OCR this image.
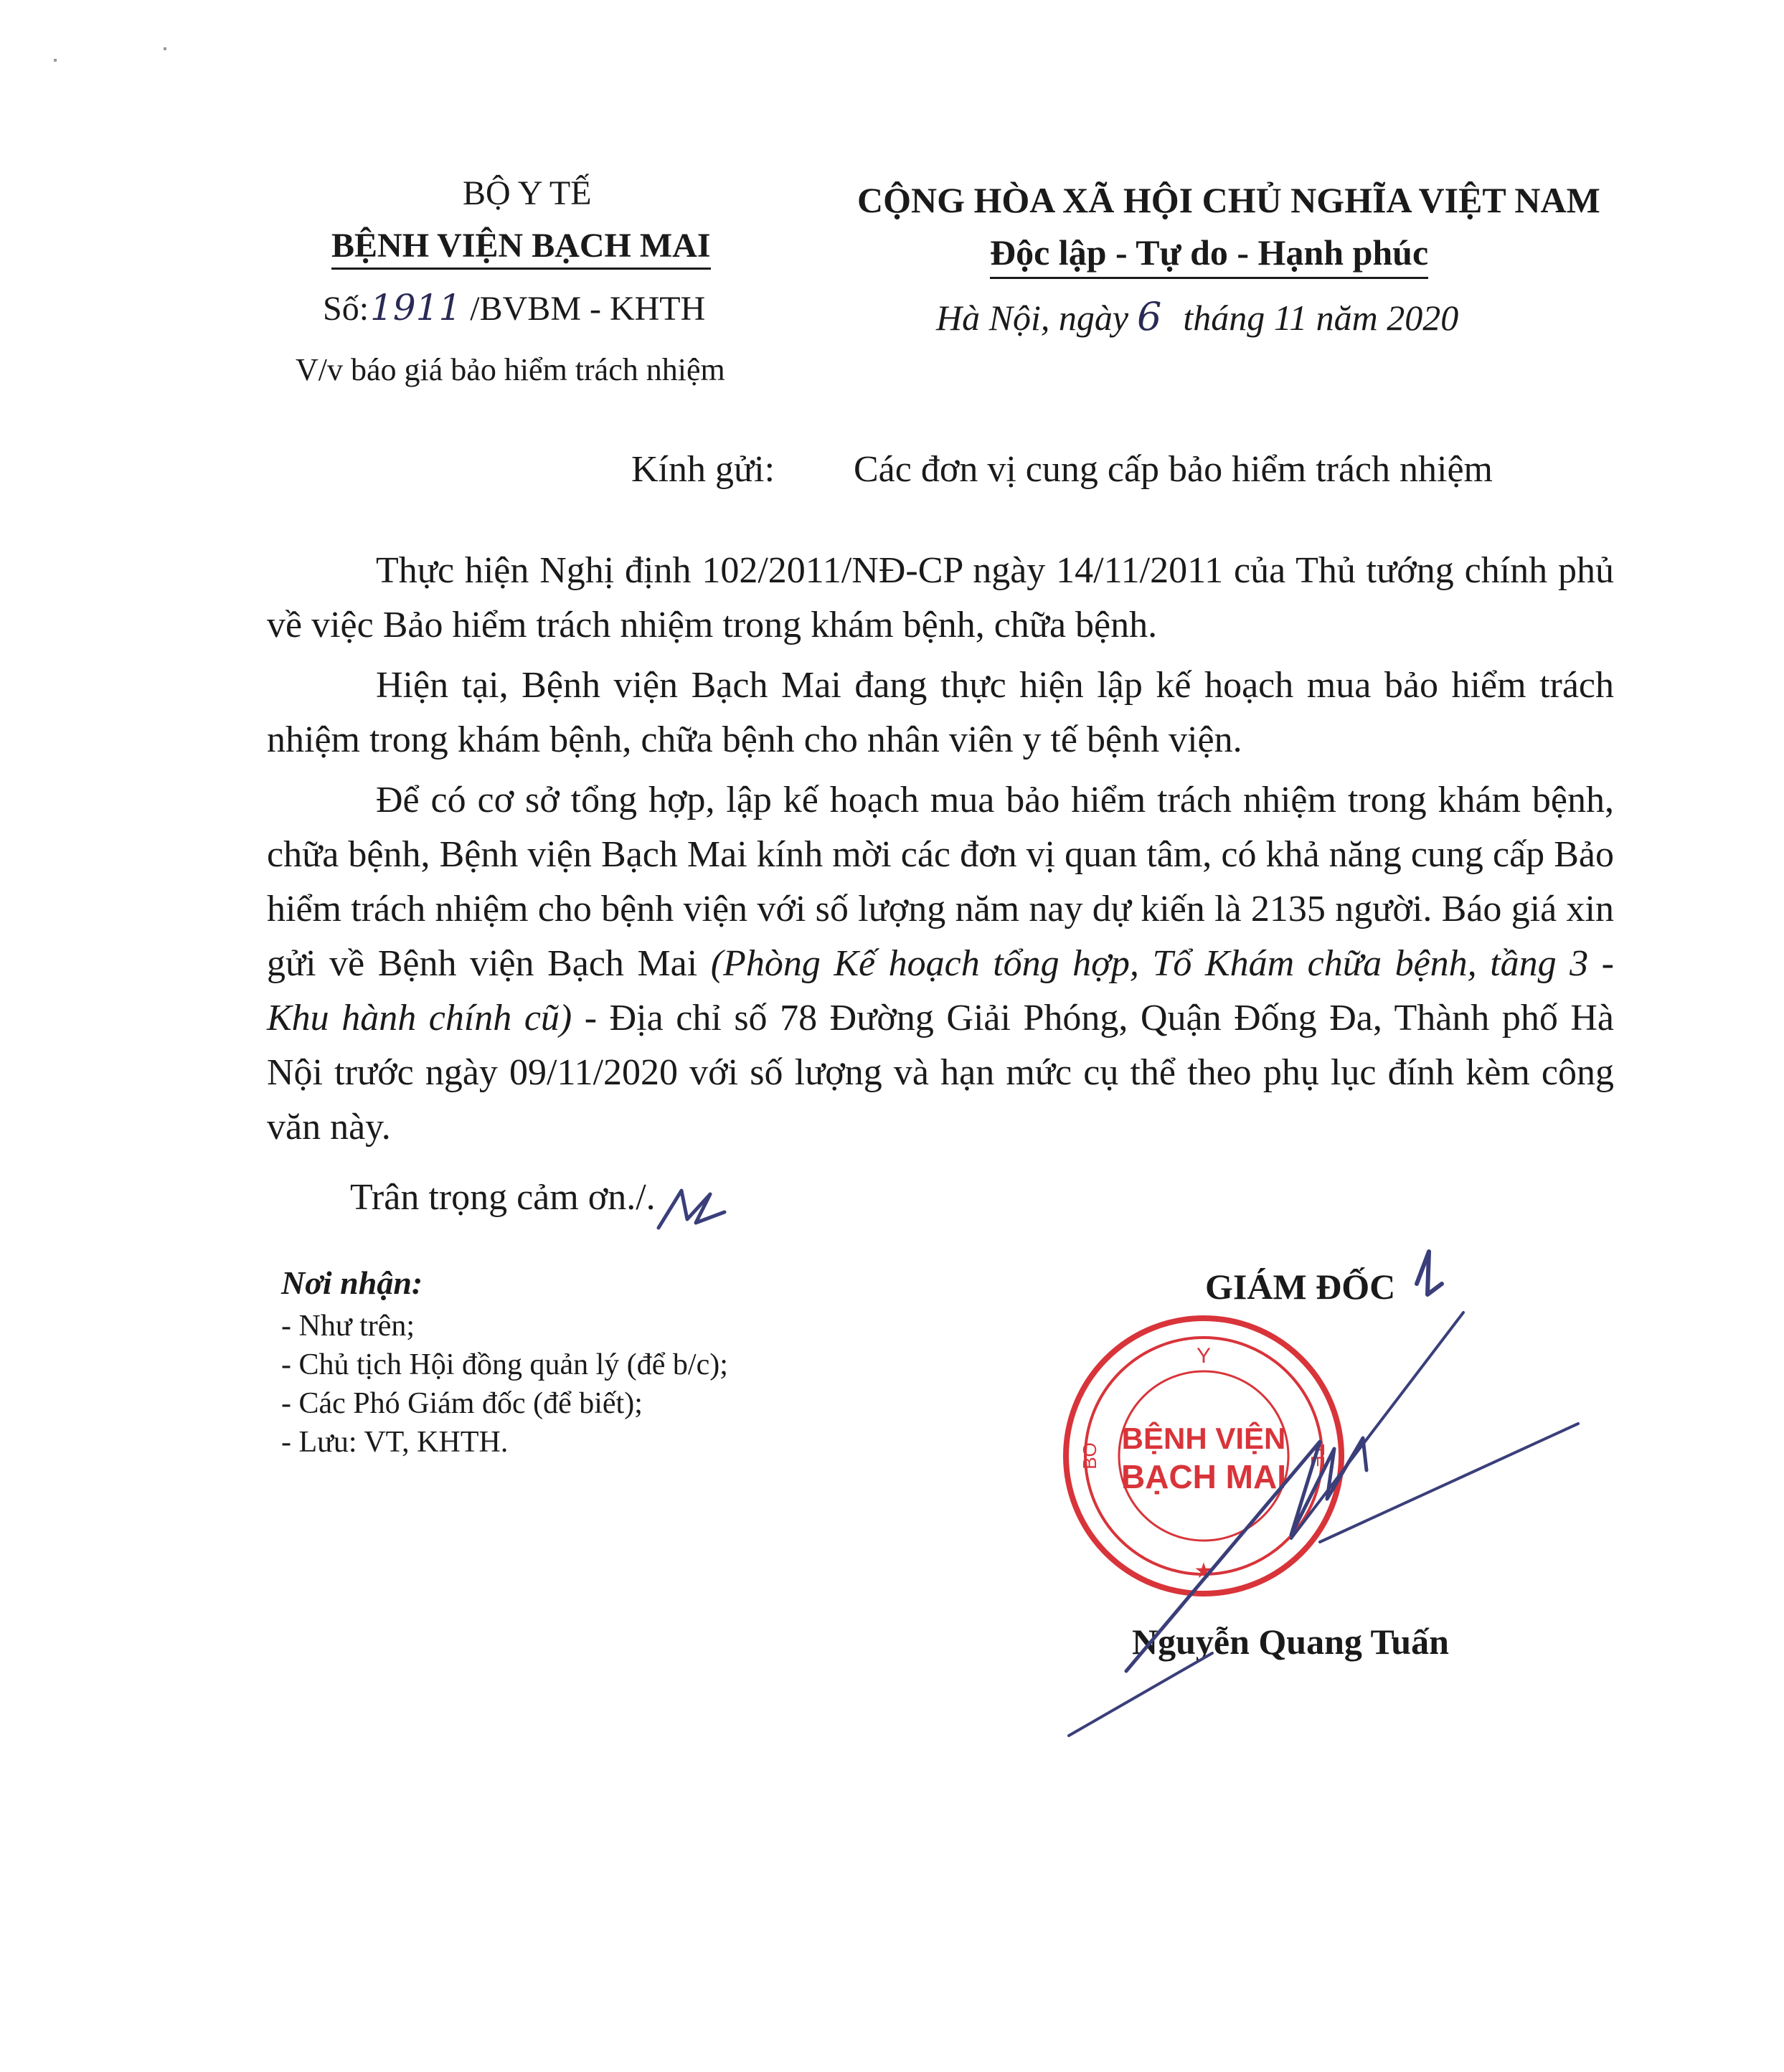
BỘ Y TẾ
BỆNH VIỆN BẠCH MAI
Số:1911 /BVBM - KHTH
V/v báo giá bảo hiểm trách nhiệm
CỘNG HÒA XÃ HỘI CHỦ NGHĨA VIỆT NAM
Độc lập - Tự do - Hạnh phúc
Hà Nội, ngày 6 tháng 11 năm 2020
Kính gửi: Các đơn vị cung cấp bảo hiểm trách nhiệm

Thực hiện Nghị định 102/2011/NĐ-CP ngày 14/11/2011 của Thủ tướng chính phủ về việc Bảo hiểm trách nhiệm trong khám bệnh, chữa bệnh.

Hiện tại, Bệnh viện Bạch Mai đang thực hiện lập kế hoạch mua bảo hiểm trách nhiệm trong khám bệnh, chữa bệnh cho nhân viên y tế bệnh viện.

Để có cơ sở tổng hợp, lập kế hoạch mua bảo hiểm trách nhiệm trong khám bệnh, chữa bệnh, Bệnh viện Bạch Mai kính mời các đơn vị quan tâm, có khả năng cung cấp Bảo hiểm trách nhiệm cho bệnh viện với số lượng năm nay dự kiến là 2135 người. Báo giá xin gửi về Bệnh viện Bạch Mai (Phòng Kế hoạch tổng hợp, Tổ Khám chữa bệnh, tầng 3 - Khu hành chính cũ) - Địa chỉ số 78 Đường Giải Phóng, Quận Đống Đa, Thành phố Hà Nội trước ngày 09/11/2020 với số lượng và hạn mức cụ thể theo phụ lục đính kèm công văn này.

Trân trọng cảm ơn./.
Nơi nhận:
- Như trên;
- Chủ tịch Hội đồng quản lý (để b/c);
- Các Phó Giám đốc (để biết);
- Lưu: VT, KHTH.
GIÁM ĐỐC
Y
BO	TE
BỆNH VIỆN
BẠCH MAI
★
Nguyễn Quang Tuấn
